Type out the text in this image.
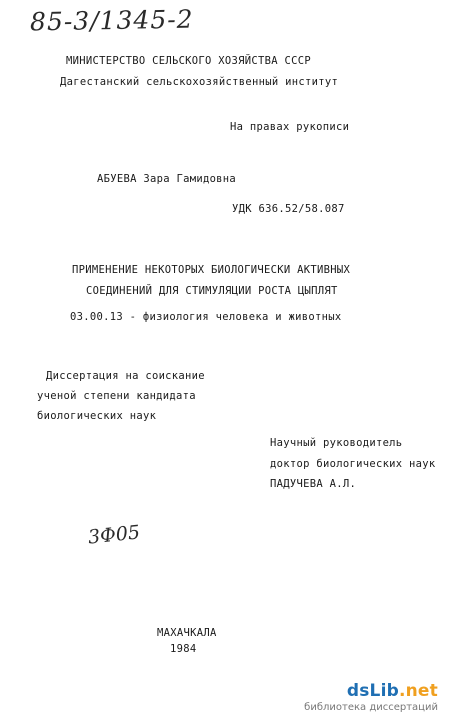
85-3/1345-2
МИНИСТЕРСТВО СЕЛЬСКОГО ХОЗЯЙСТВА СССР
Дагестанский сельскохозяйственный институт
На правах рукописи
АБУЕВА Зара Гамидовна
УДК 636.52/58.087
ПРИМЕНЕНИЕ НЕКОТОРЫХ БИОЛОГИЧЕСКИ АКТИВНЫХ
СОЕДИНЕНИЙ ДЛЯ СТИМУЛЯЦИИ РОСТА ЦЫПЛЯТ
03.00.13 - физиология человека и животных
Диссертация на соискание
ученой степени кандидата
биологических наук
Научный руководитель
доктор биологических наук
ПАДУЧЕВА А.Л.
3Ф05
МАХАЧКАЛА
1984
dsLib.net
библиотека диссертаций
